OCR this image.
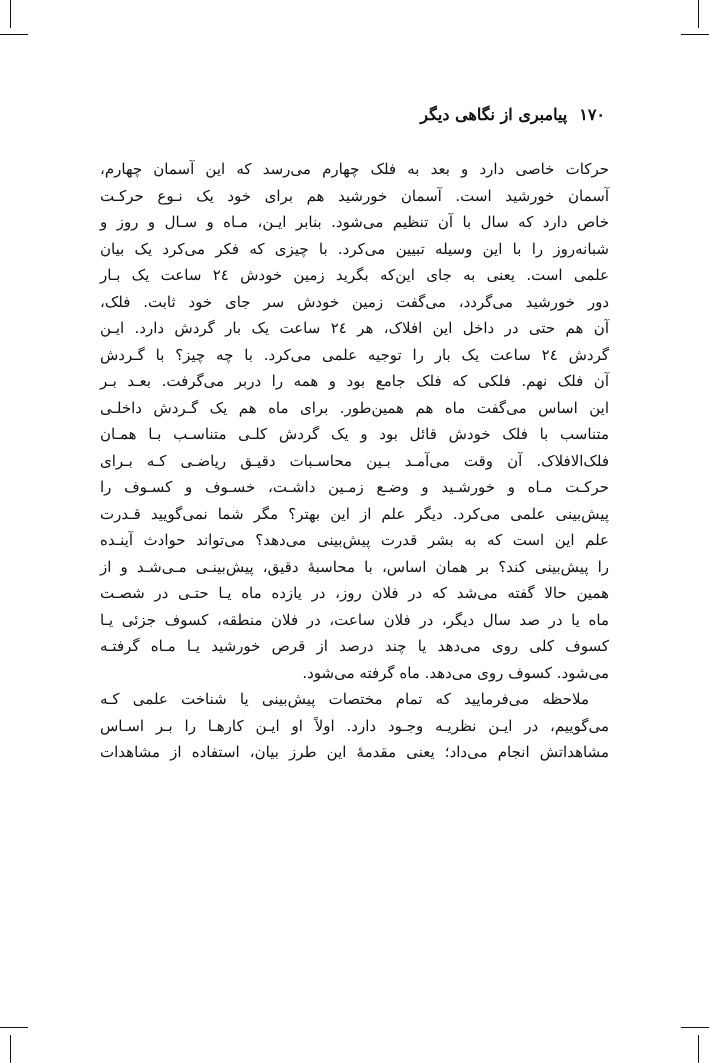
۱۷۰
پیامبری از نگاهی دیگر

حرکات خاصی دارد و بعد به فلک چهارم می‌رسد که این آسمان چهارم،
آسمان خورشید است. آسمان خورشید هم برای خود یک نـوع حرکـت
خاص دارد که سال با آن تنظیم می‌شود. بنابر ایـن، مـاه و سـال و روز و
شبانه‌روز را با این وسیله تبیین می‌کرد. با چیزی که فکر می‌کرد یک بیان
علمی است. یعنی به جای این‌که بگرید زمین خودش ۲٤ ساعت یک بـار
دور خورشید می‌گردد، می‌گفت زمین خودش سر جای خود ثابت. فلک،
آن هم حتی در داخل این افلاک، هر ۲٤ ساعت یک بار گردش دارد. ایـن
گردش ۲٤ ساعت یک بار را توجیه علمی می‌کرد. با چه چیز؟ با گـردش
آن فلک نهم. فلکی که فلک جامع بود و همه را دربر می‌گرفت. بعـد بـر
این اساس می‌گفت ماه هم همین‌طور. برای ماه هم یک گـردش داخلـی
متناسب با فلک خودش قائل بود و یک گردش کلـی متناسـب بـا همـان
فلک‌الافلاک. آن وقت می‌آمـد بـین محاسـبات دقیـق ریاضـی کـه بـرای
حرکـت مـاه و خورشـید و وضـع زمـین داشـت، خسـوف و کسـوف را
پیش‌بینی علمی می‌کرد. دیگر علم از این بهتر؟ مگر شما نمی‌گویید قـدرت
علم این است که به بشر قدرت پیش‌بینی می‌دهد؟ می‌تواند حوادث آینـده
را پیش‌بینی کند؟ بر همان اساس، با محاسبهٔ دقیق، پیش‌بینـی مـی‌شـد و از
همین حالا گفته می‌شد که در فلان روز، در یازده ماه یـا حتـی در شصـت
ماه یا در صد سال دیگر، در فلان ساعت، در فلان منطقه، کسوف جزئی یـا
کسوف کلی روی می‌دهد یا چند درصد از قرص خورشید یـا مـاه گرفتـه
می‌شود. کسوف روی می‌دهد. ماه گرفته می‌شود.

ملاحظه می‌فرمایید که تمام مختصات پیش‌بینی یا شناخت علمی کـه
می‌گوییم، در ایـن نظریـه وجـود دارد. اولاً او ایـن کارهـا را بـر اسـاس
مشاهداتش انجام می‌داد؛ یعنی مقدمهٔ این طرز بیان، استفاده از مشاهدات
